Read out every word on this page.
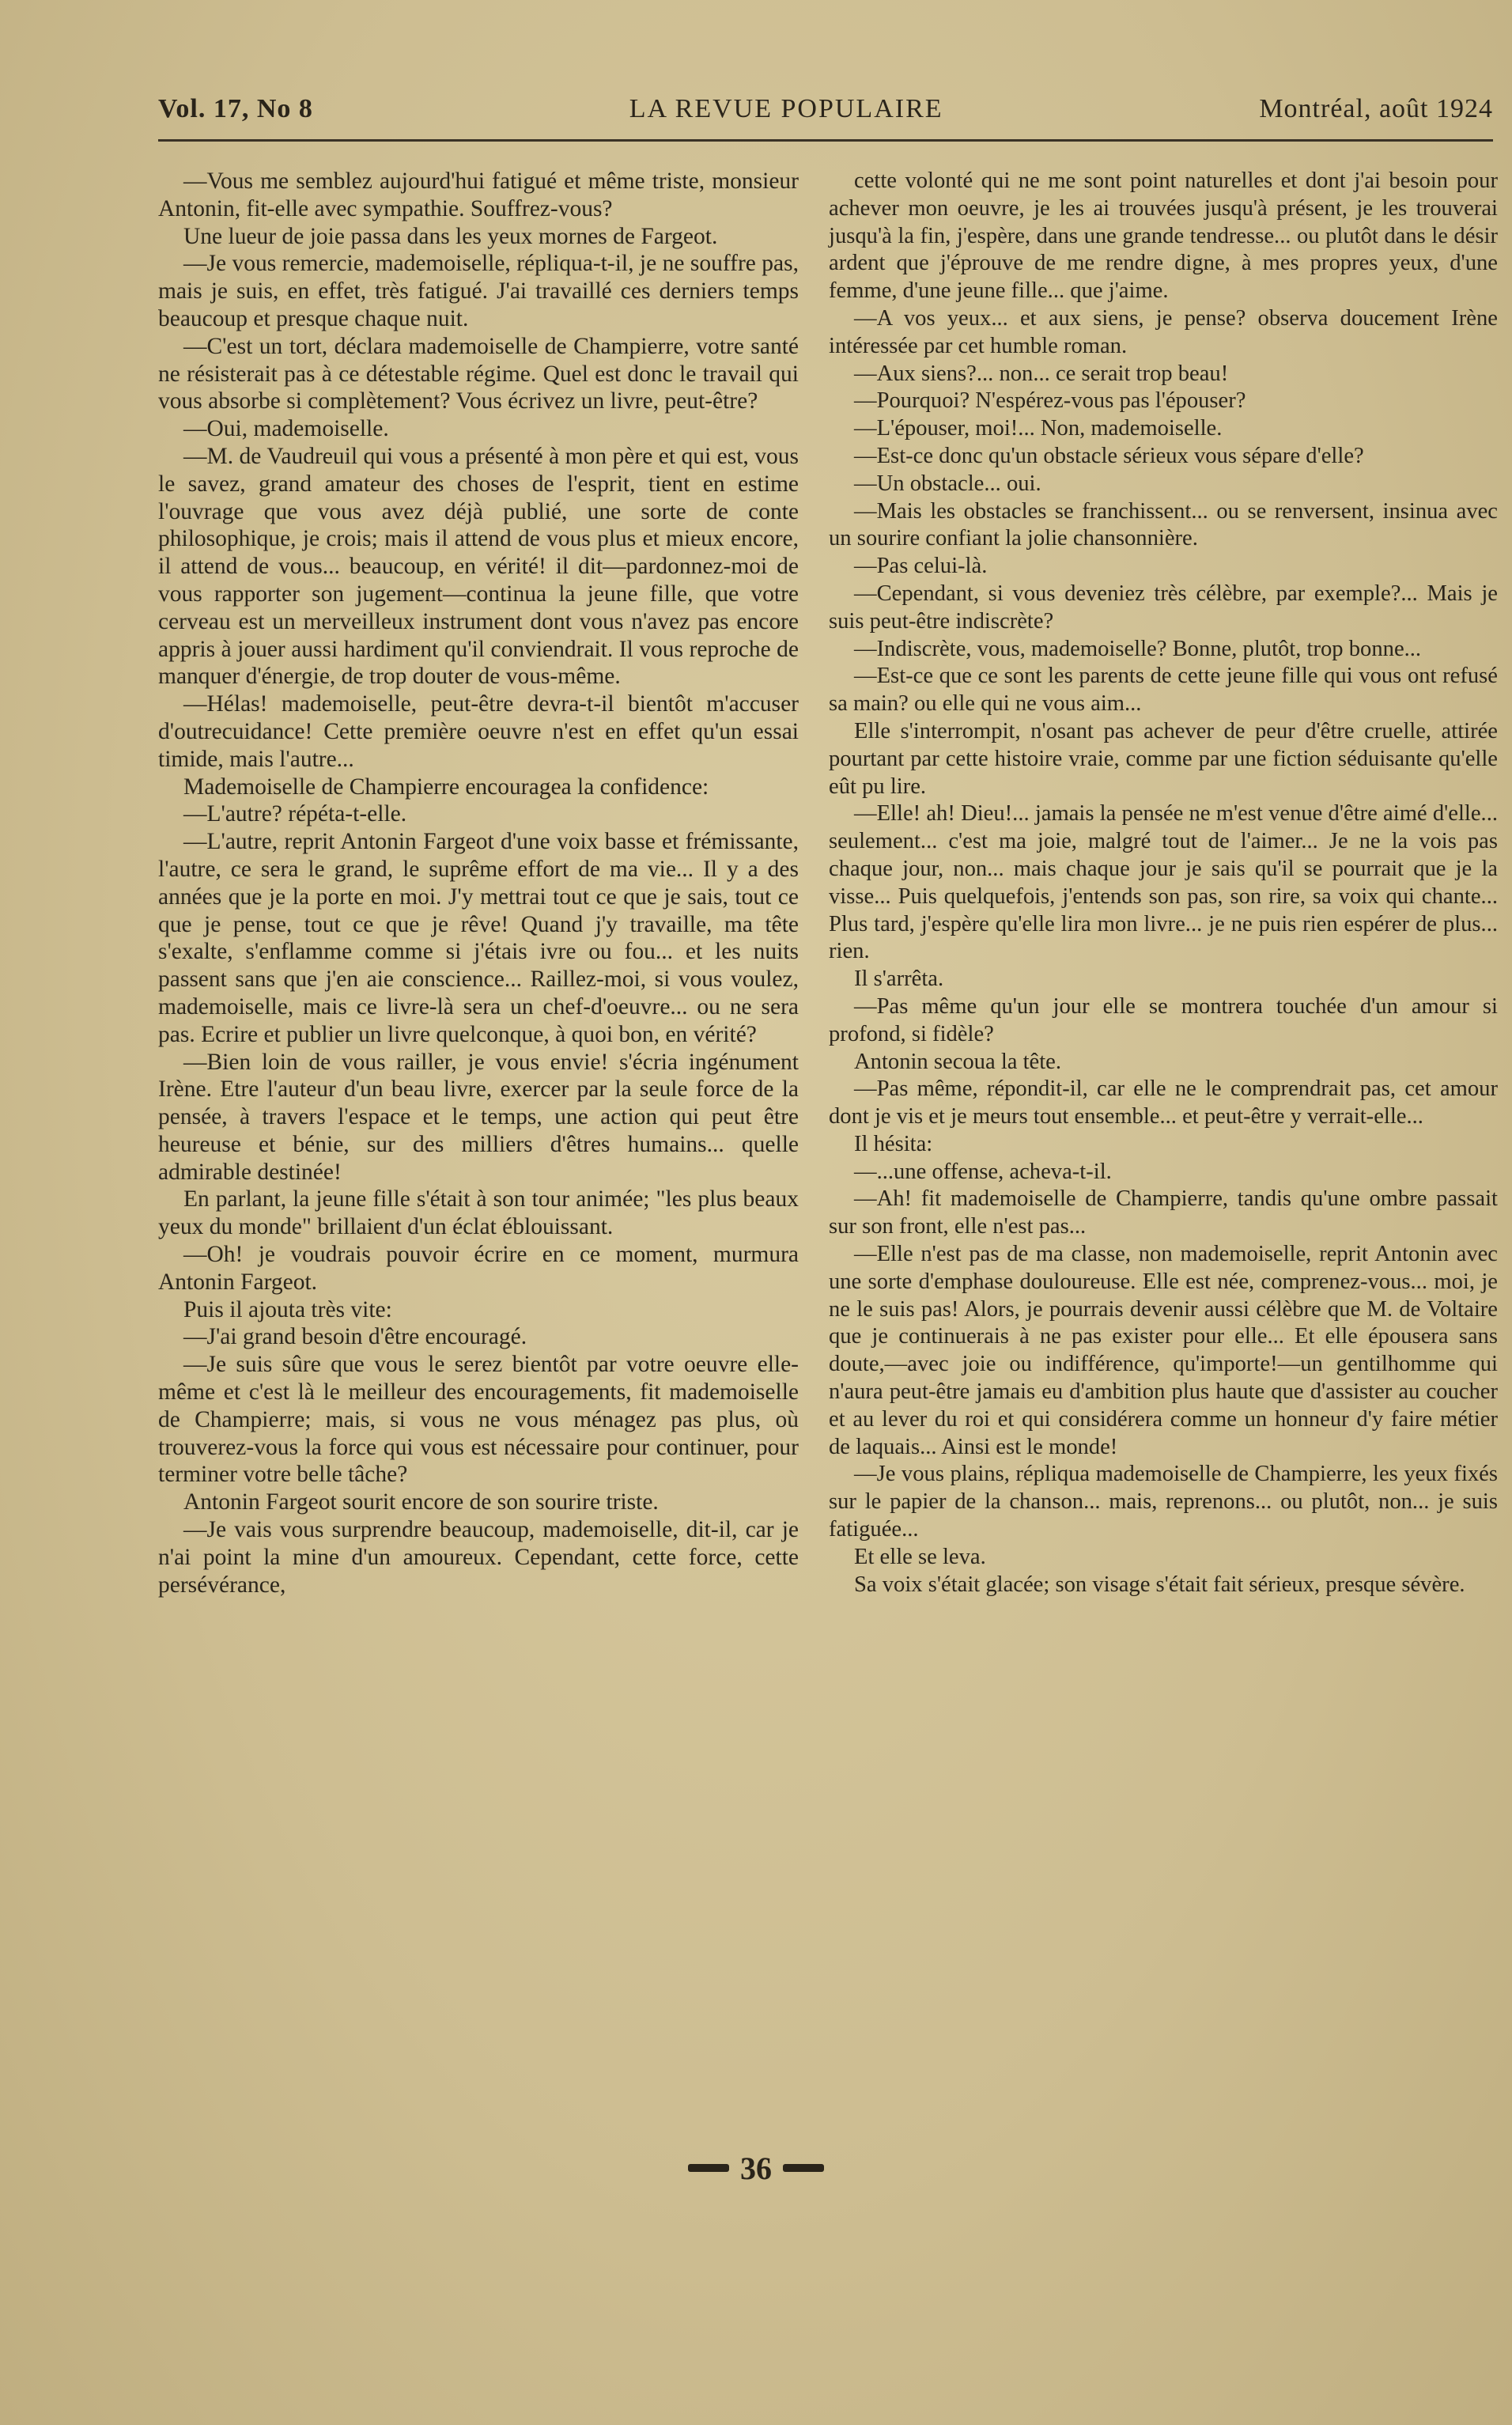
Vol. 17, No 8	LA REVUE POPULAIRE	Montréal, août 1924

—Vous me semblez aujourd'hui fatigué et même triste, monsieur Antonin, fit-elle avec sympathie. Souffrez-vous?

Une lueur de joie passa dans les yeux mornes de Fargeot.

—Je vous remercie, mademoiselle, répliqua-t-il, je ne souffre pas, mais je suis, en effet, très fatigué. J'ai travaillé ces derniers temps beaucoup et presque chaque nuit.

—C'est un tort, déclara mademoiselle de Champierre, votre santé ne résisterait pas à ce détestable régime. Quel est donc le travail qui vous absorbe si complètement? Vous écrivez un livre, peut-être?

—Oui, mademoiselle.

—M. de Vaudreuil qui vous a présenté à mon père et qui est, vous le savez, grand amateur des choses de l'esprit, tient en estime l'ouvrage que vous avez déjà publié, une sorte de conte philosophique, je crois; mais il attend de vous plus et mieux encore, il attend de vous... beaucoup, en vérité! il dit—pardonnez-moi de vous rapporter son jugement—continua la jeune fille, que votre cerveau est un merveilleux instrument dont vous n'avez pas encore appris à jouer aussi hardiment qu'il conviendrait. Il vous reproche de manquer d'énergie, de trop douter de vous-même.

—Hélas! mademoiselle, peut-être devra-t-il bientôt m'accuser d'outrecuidance! Cette première oeuvre n'est en effet qu'un essai timide, mais l'autre...

Mademoiselle de Champierre encouragea la confidence:

—L'autre? répéta-t-elle.

—L'autre, reprit Antonin Fargeot d'une voix basse et frémissante, l'autre, ce sera le grand, le suprême effort de ma vie... Il y a des années que je la porte en moi. J'y mettrai tout ce que je sais, tout ce que je pense, tout ce que je rêve! Quand j'y travaille, ma tête s'exalte, s'enflamme comme si j'étais ivre ou fou... et les nuits passent sans que j'en aie conscience... Raillez-moi, si vous voulez, mademoiselle, mais ce livre-là sera un chef-d'oeuvre... ou ne sera pas. Ecrire et publier un livre quelconque, à quoi bon, en vérité?

—Bien loin de vous railler, je vous envie! s'écria ingénument Irène. Etre l'auteur d'un beau livre, exercer par la seule force de la pensée, à travers l'espace et le temps, une action qui peut être heureuse et bénie, sur des milliers d'êtres humains... quelle admirable destinée!

En parlant, la jeune fille s'était à son tour animée; "les plus beaux yeux du monde" brillaient d'un éclat éblouissant.

—Oh! je voudrais pouvoir écrire en ce moment, murmura Antonin Fargeot.

Puis il ajouta très vite:

—J'ai grand besoin d'être encouragé.

—Je suis sûre que vous le serez bientôt par votre oeuvre elle-même et c'est là le meilleur des encouragements, fit mademoiselle de Champierre; mais, si vous ne vous ménagez pas plus, où trouverez-vous la force qui vous est nécessaire pour continuer, pour terminer votre belle tâche?

Antonin Fargeot sourit encore de son sourire triste.

—Je vais vous surprendre beaucoup, mademoiselle, dit-il, car je n'ai point la mine d'un amoureux. Cependant, cette force, cette persévérance,

cette volonté qui ne me sont point naturelles et dont j'ai besoin pour achever mon oeuvre, je les ai trouvées jusqu'à présent, je les trouverai jusqu'à la fin, j'espère, dans une grande tendresse... ou plutôt dans le désir ardent que j'éprouve de me rendre digne, à mes propres yeux, d'une femme, d'une jeune fille... que j'aime.

—A vos yeux... et aux siens, je pense? observa doucement Irène intéressée par cet humble roman.

—Aux siens?... non... ce serait trop beau!

—Pourquoi? N'espérez-vous pas l'épouser?

—L'épouser, moi!... Non, mademoiselle.

—Est-ce donc qu'un obstacle sérieux vous sépare d'elle?

—Un obstacle... oui.

—Mais les obstacles se franchissent... ou se renversent, insinua avec un sourire confiant la jolie chansonnière.

—Pas celui-là.

—Cependant, si vous deveniez très célèbre, par exemple?... Mais je suis peut-être indiscrète?

—Indiscrète, vous, mademoiselle? Bonne, plutôt, trop bonne...

—Est-ce que ce sont les parents de cette jeune fille qui vous ont refusé sa main? ou elle qui ne vous aim...

Elle s'interrompit, n'osant pas achever de peur d'être cruelle, attirée pourtant par cette histoire vraie, comme par une fiction séduisante qu'elle eût pu lire.

—Elle! ah! Dieu!... jamais la pensée ne m'est venue d'être aimé d'elle... seulement... c'est ma joie, malgré tout de l'aimer... Je ne la vois pas chaque jour, non... mais chaque jour je sais qu'il se pourrait que je la visse... Puis quelquefois, j'entends son pas, son rire, sa voix qui chante... Plus tard, j'espère qu'elle lira mon livre... je ne puis rien espérer de plus... rien.

Il s'arrêta.

—Pas même qu'un jour elle se montrera touchée d'un amour si profond, si fidèle?

Antonin secoua la tête.

—Pas même, répondit-il, car elle ne le comprendrait pas, cet amour dont je vis et je meurs tout ensemble... et peut-être y verrait-elle...

Il hésita:

—...une offense, acheva-t-il.

—Ah! fit mademoiselle de Champierre, tandis qu'une ombre passait sur son front, elle n'est pas...

—Elle n'est pas de ma classe, non mademoiselle, reprit Antonin avec une sorte d'emphase douloureuse. Elle est née, comprenez-vous... moi, je ne le suis pas! Alors, je pourrais devenir aussi célèbre que M. de Voltaire que je continuerais à ne pas exister pour elle... Et elle épousera sans doute,—avec joie ou indifférence, qu'importe!—un gentilhomme qui n'aura peut-être jamais eu d'ambition plus haute que d'assister au coucher et au lever du roi et qui considérera comme un honneur d'y faire métier de laquais... Ainsi est le monde!

—Je vous plains, répliqua mademoiselle de Champierre, les yeux fixés sur le papier de la chanson... mais, reprenons... ou plutôt, non... je suis fatiguée...

Et elle se leva.

Sa voix s'était glacée; son visage s'était fait sérieux, presque sévère.

36
